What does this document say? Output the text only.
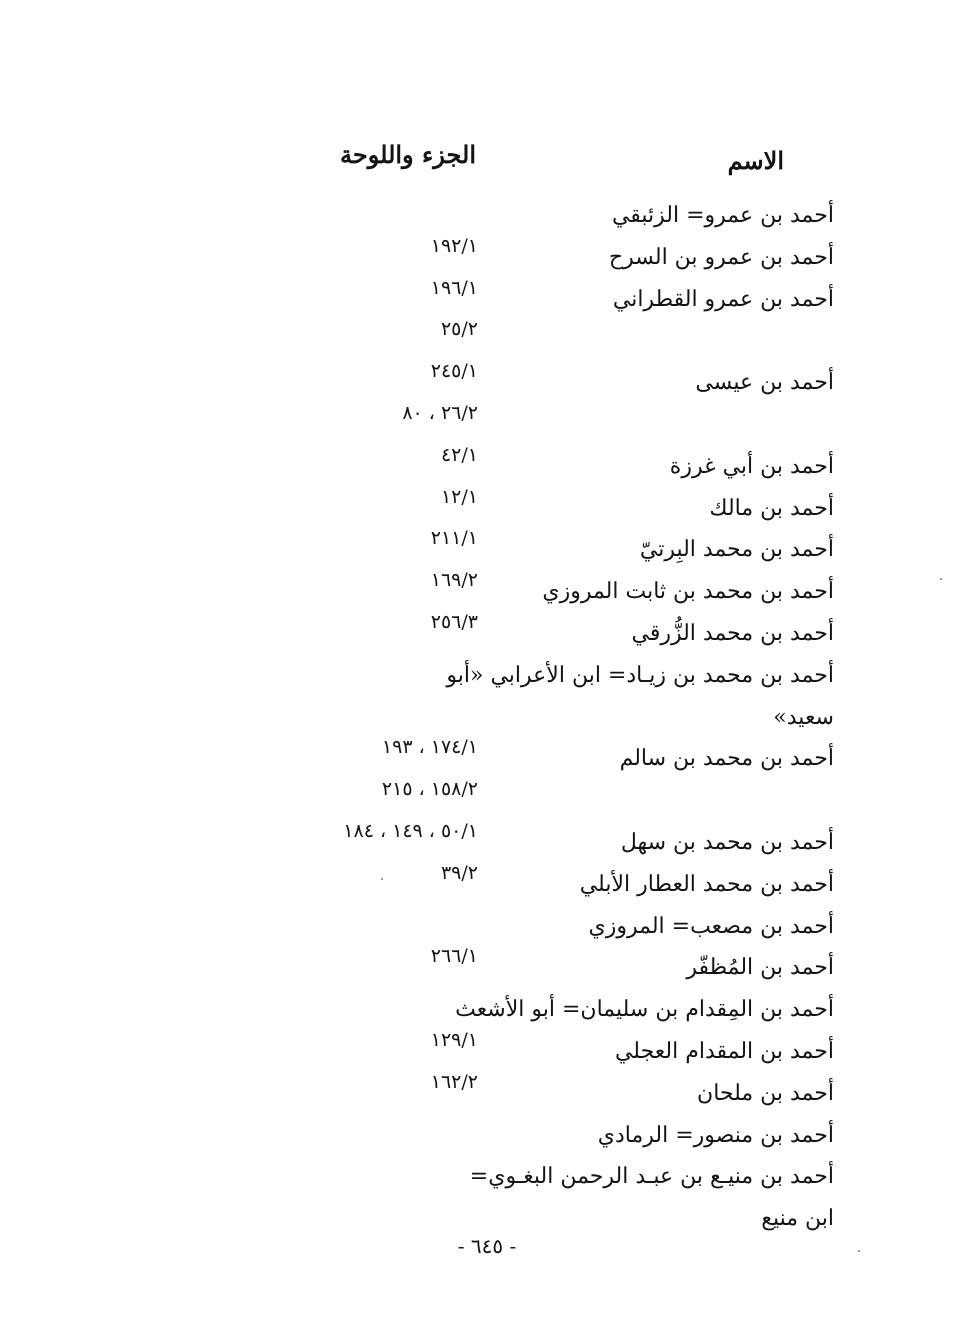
الاسم
الجزء واللوحة
أحمد بن عمرو= الزئبقي
أحمد بن عمرو بن السرح
١٩٢/١
أحمد بن عمرو القطراني
١٩٦/١
٢٥/٢
أحمد بن عيسى
٢٤٥/١
٢٦/٢ ، ٨٠
أحمد بن أبي غرزة
٤٢/١
أحمد بن مالك
١٢/١
أحمد بن محمد البِرتيّ
٢١١/١
أحمد بن محمد بن ثابت المروزي
١٦٩/٢
أحمد بن محمد الزُّرقي
٢٥٦/٣
أحمد بن محمد بن زيـاد= ابن الأعرابي «أبو
سعيد»
أحمد بن محمد بن سالم
١٧٤/١ ، ١٩٣
١٥٨/٢ ، ٢١٥
أحمد بن محمد بن سهل
٥٠/١ ، ١٤٩ ، ١٨٤
أحمد بن محمد العطار الأبلي
٣٩/٢
أحمد بن مصعب= المروزي
أحمد بن المُظفّر
٢٦٦/١
أحمد بن المِقدام بن سليمان= أبو الأشعث
أحمد بن المقدام العجلي
١٢٩/١
أحمد بن ملحان
١٦٢/٢
أحمد بن منصور= الرمادي
أحمد بن منيـع بن عبـد الرحمن البغـوي=
ابن منيع
- ٦٤٥ -
